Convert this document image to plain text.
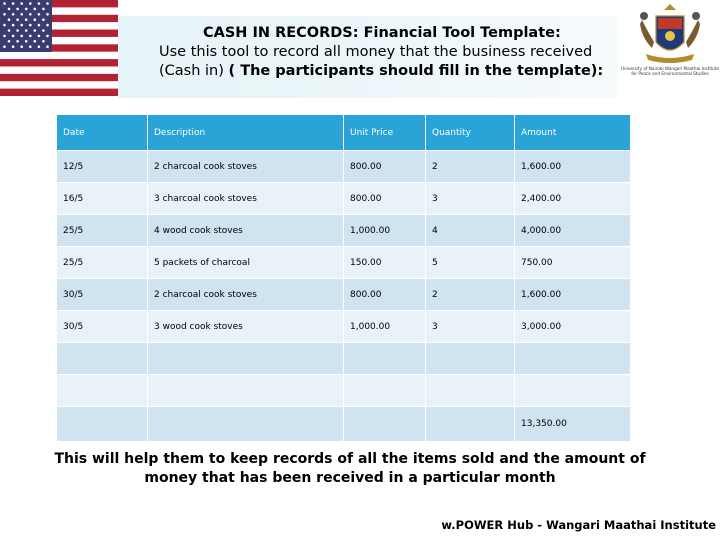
CASH IN RECORDS: Financial Tool Template:
Use this tool to record all money that the business received (Cash in) ( The participants should fill in the template):	University of Nairobi Wangari Maathai Institute for Peace and Environmental Studies
Date	Description	Unit Price	Quantity	Amount
12/5	2 charcoal cook stoves	800.00	2	1,600.00
16/5	3 charcoal cook stoves	800.00	3	2,400.00
25/5	4 wood cook stoves	1,000.00	4	4,000.00
25/5	5 packets of charcoal	150.00	5	750.00
30/5	2 charcoal cook stoves	800.00	2	1,600.00
30/5	3 wood cook stoves	1,000.00	3	3,000.00

				13,350.00
This will help them to keep records of all the items sold and the amount of money that has been received in a particular month
w.POWER Hub - Wangari Maathai Institute
